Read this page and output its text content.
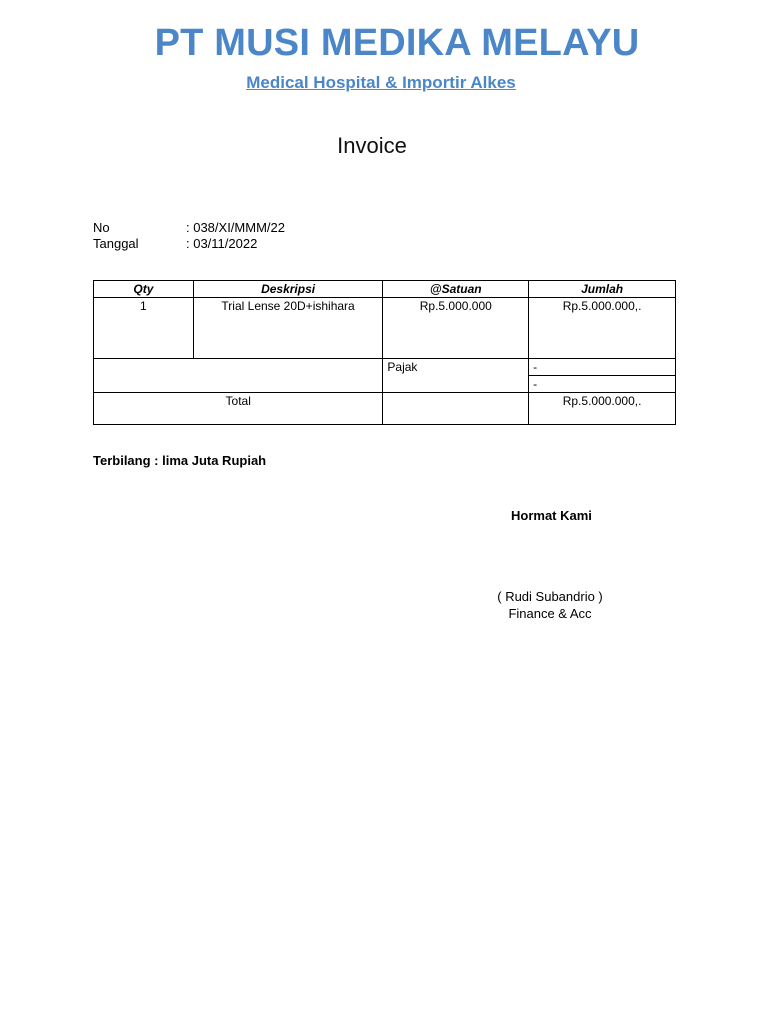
PT MUSI MEDIKA MELAYU
Medical Hospital & Importir Alkes
Invoice
No	: 038/XI/MMM/22
Tanggal	: 03/11/2022
Qty	Deskripsi	@Satuan	Jumlah
1	Trial Lense 20D+ishihara	Rp.5.000.000	Rp.5.000.000,.
		Pajak	-
			-
Total			Rp.5.000.000,.
Terbilang : lima Juta Rupiah
Hormat Kami
( Rudi Subandrio )
Finance & Acc
